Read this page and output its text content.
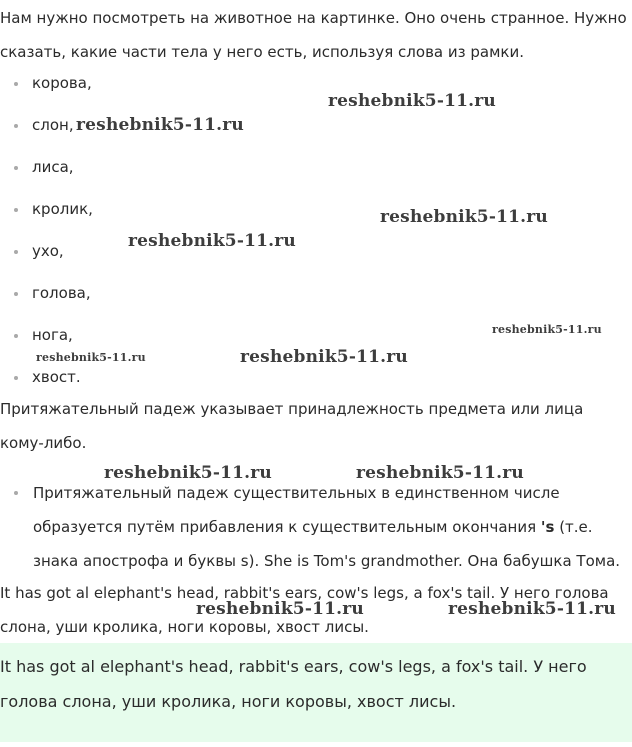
Нам нужно посмотреть на животное на картинке. Оно очень странное. Нужно сказать, какие части тела у него есть, используя слова из рамки.

корова,
слон,
лиса,
кролик,
ухо,
голова,
нога,
хвост.

Притяжательный падеж указывает принадлежность предмета или лица кому-либо.

Притяжательный падеж существительных в единственном числе образуется путём прибавления к существительным окончания 's (т.е. знака апострофа и буквы s). She is Tom's grandmother. Она бабушка Тома.

It has got al elephant's head, rabbit's ears, cow's legs, a fox's tail. У него голова слона, уши кролика, ноги коровы, хвост лисы.

It has got al elephant's head, rabbit's ears, cow's legs, a fox's tail. У него голова слона, уши кролика, ноги коровы, хвост лисы.

reshebnik5-11.ru
reshebnik5-11.ru
reshebnik5-11.ru
reshebnik5-11.ru
reshebnik5-11.ru
reshebnik5-11.ru	reshebnik5-11.ru
reshebnik5-11.ru	reshebnik5-11.ru
reshebnik5-11.ru	reshebnik5-11.ru
